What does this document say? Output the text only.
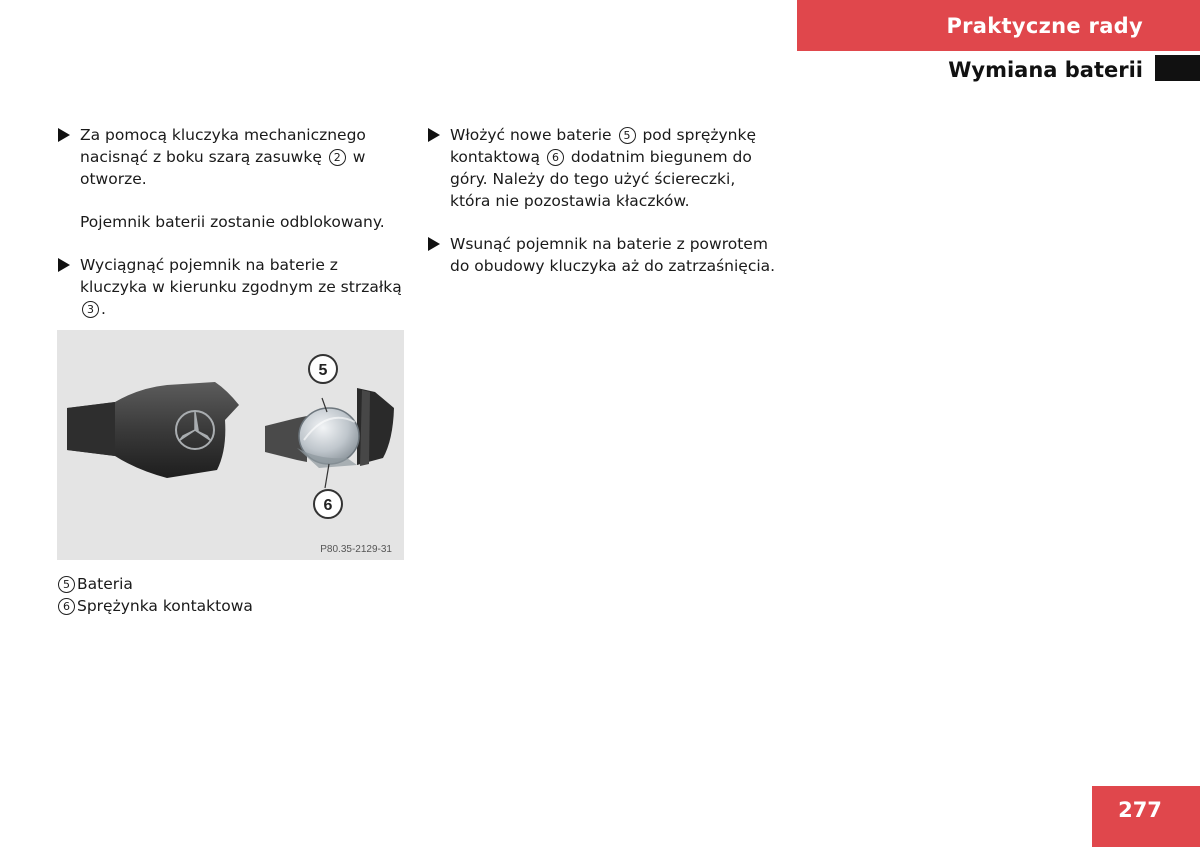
Praktyczne rady
Wymiana baterii

Za pomocą kluczyka mechanicznego nacisnąć z boku szarą zasuwkę 2 w otworze.

Pojemnik baterii zostanie odblokowany.

Wyciągnąć pojemnik na baterie z kluczyka w kierunku zgodnym ze strzałką 3 .

Włożyć nowe baterie 5 pod sprężynkę kontaktową 6 dodatnim biegunem do góry. Należy do tego użyć ściereczki, która nie pozostawia kłaczków.

Wsunąć pojemnik na baterie z powrotem do obudowy kluczyka aż do zatrzaśnięcia.

5
6
P80.35-2129-31
5 Bateria
6 Sprężynka kontaktowa
277
